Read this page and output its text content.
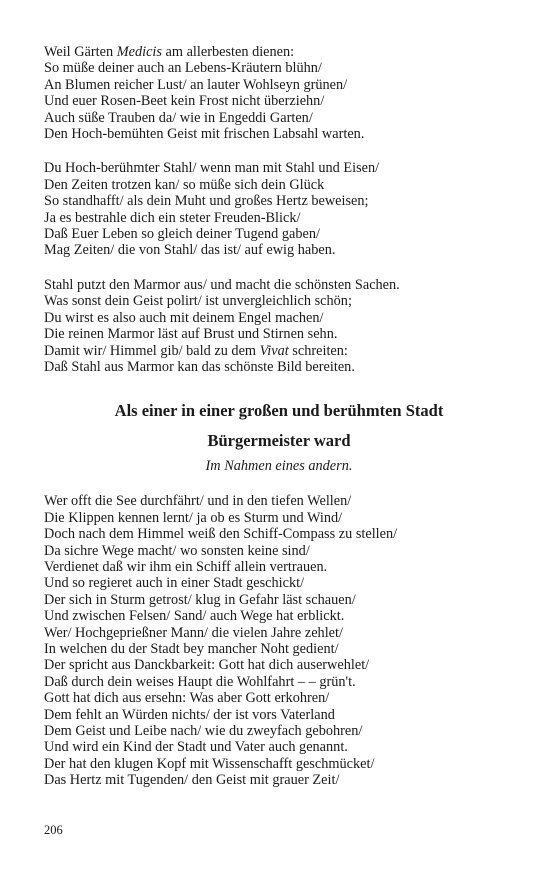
Weil Gärten Medicis am allerbesten dienen:
So müße deiner auch an Lebens-Kräutern blühn/
An Blumen reicher Lust/ an lauter Wohlseyn grünen/
Und euer Rosen-Beet kein Frost nicht überziehn/
Auch süße Trauben da/ wie in Engeddi Garten/
Den Hoch-bemühten Geist mit frischen Labsahl warten.
Du Hoch-berühmter Stahl/ wenn man mit Stahl und Eisen/
Den Zeiten trotzen kan/ so müße sich dein Glück
So standhafft/ als dein Muht und großes Hertz beweisen;
Ja es bestrahle dich ein steter Freuden-Blick/
Daß Euer Leben so gleich deiner Tugend gaben/
Mag Zeiten/ die von Stahl/ das ist/ auf ewig haben.
Stahl putzt den Marmor aus/ und macht die schönsten Sachen.
Was sonst dein Geist polirt/ ist unvergleichlich schön;
Du wirst es also auch mit deinem Engel machen/
Die reinen Marmor läst auf Brust und Stirnen sehn.
Damit wir/ Himmel gib/ bald zu dem Vivat schreiten:
Daß Stahl aus Marmor kan das schönste Bild bereiten.
Als einer in einer großen und berühmten Stadt
Bürgermeister ward
Im Nahmen eines andern.
Wer offt die See durchfährt/ und in den tiefen Wellen/
Die Klippen kennen lernt/ ja ob es Sturm und Wind/
Doch nach dem Himmel weiß den Schiff-Compass zu stellen/
Da sichre Wege macht/ wo sonsten keine sind/
Verdienet daß wir ihm ein Schiff allein vertrauen.
Und so regieret auch in einer Stadt geschickt/
Der sich in Sturm getrost/ klug in Gefahr läst schauen/
Und zwischen Felsen/ Sand/ auch Wege hat erblickt.
Wer/ Hochgepriеßner Mann/ die vielen Jahre zehlet/
In welchen du der Stadt bey mancher Noht gedient/
Der spricht aus Danckbarkeit: Gott hat dich auserwehlet/
Daß durch dein weises Haupt die Wohlfahrt – – grün't.
Gott hat dich aus ersehn: Was aber Gott erkohren/
Dem fehlt an Würden nichts/ der ist vors Vaterland
Dem Geist und Leibe nach/ wie du zweyfach gebohren/
Und wird ein Kind der Stadt und Vater auch genannt.
Der hat den klugen Kopf mit Wissenschafft geschmücket/
Das Hertz mit Tugenden/ den Geist mit grauer Zeit/
206
